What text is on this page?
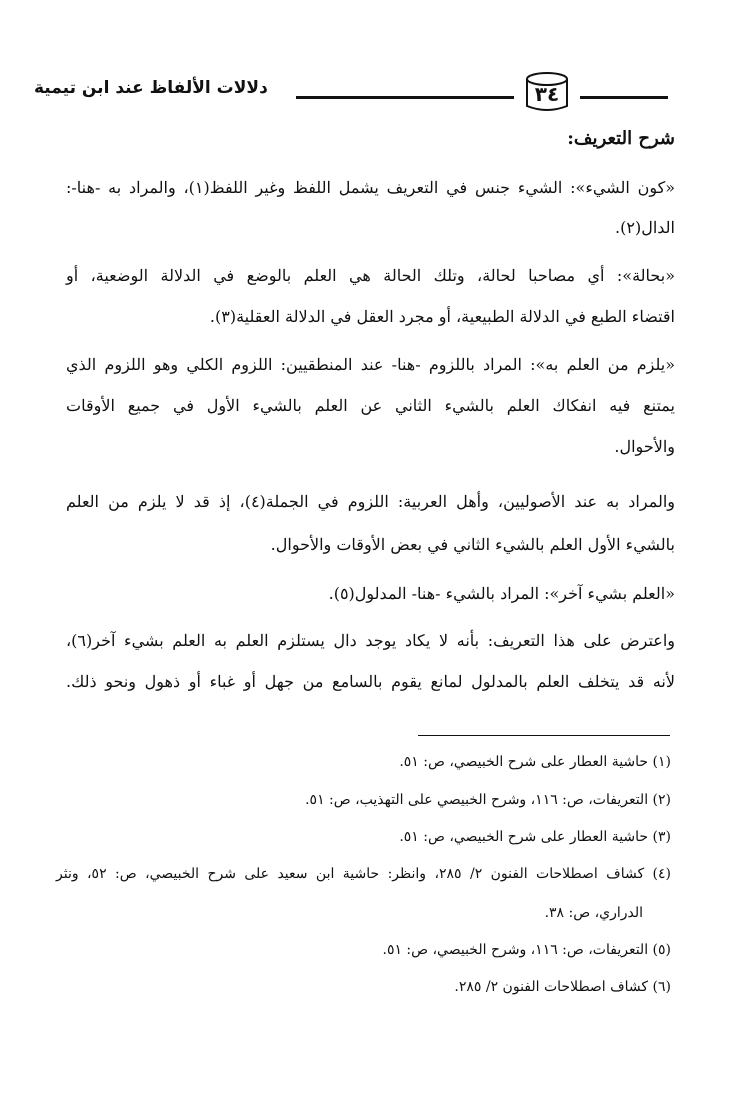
دلالات الألفاظ عند ابن تيمية	٣٤
شرح التعريف:
«كون الشيء»: الشيء جنس في التعريف يشمل اللفظ وغير اللفظ(١)، والمراد به -هنا-:
الدال(٢).
«بحالة»: أي مصاحبا لحالة، وتلك الحالة هي العلم بالوضع في الدلالة الوضعية، أو
اقتضاء الطبع في الدلالة الطبيعية، أو مجرد العقل في الدلالة العقلية(٣).
«يلزم من العلم به»: المراد باللزوم -هنا- عند المنطقيين: اللزوم الكلي وهو اللزوم الذي
يمتنع فيه انفكاك العلم بالشيء الثاني عن العلم بالشيء الأول في جميع الأوقات
والأحوال.
والمراد به عند الأصوليين، وأهل العربية: اللزوم في الجملة(٤)، إذ قد لا يلزم من العلم
بالشيء الأول العلم بالشيء الثاني في بعض الأوقات والأحوال.
«العلم بشيء آخر»: المراد بالشيء -هنا- المدلول(٥).
واعترض على هذا التعريف: بأنه لا يكاد يوجد دال يستلزم العلم به العلم بشيء آخر(٦)،
لأنه قد يتخلف العلم بالمدلول لمانع يقوم بالسامع من جهل أو غباء أو ذهول ونحو ذلك.
(١) حاشية العطار على شرح الخبيصي، ص: ٥١.
(٢) التعريفات، ص: ١١٦، وشرح الخبيصي على التهذيب، ص: ٥١.
(٣) حاشية العطار على شرح الخبيصي، ص: ٥١.
(٤) كشاف اصطلاحات الفنون ٢/ ٢٨٥، وانظر: حاشية ابن سعيد على شرح الخبيصي، ص: ٥٢، ونثر
الدراري، ص: ٣٨.
(٥) التعريفات، ص: ١١٦، وشرح الخبيصي، ص: ٥١.
(٦) كشاف اصطلاحات الفنون ٢/ ٢٨٥.
